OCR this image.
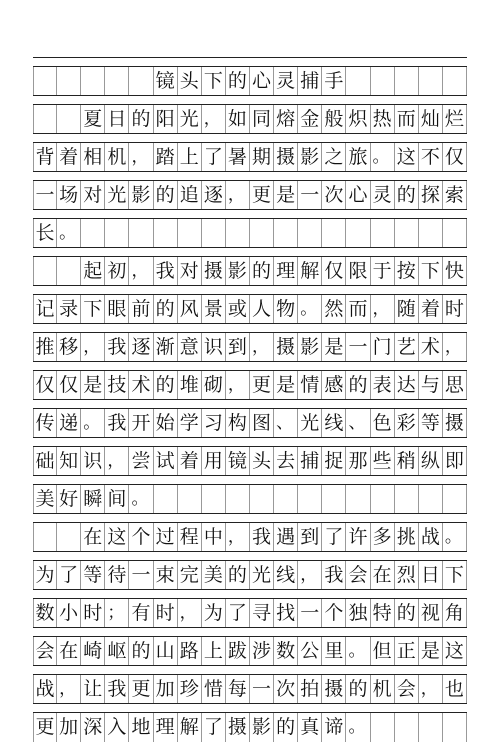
镜 头 下 的 心 灵 捕 手
夏 日 的 阳 光 ， 如 同 熔 金 般 炽 热 而 灿 烂
背 着 相 机 ， 踏 上 了 暑 期 摄 影 之 旅 。 这 不 仅
一 场 对 光 影 的 追 逐 ， 更 是 一 次 心 灵 的 探 索
长 。
起 初 ， 我 对 摄 影 的 理 解 仅 限 于 按 下 快
记 录 下 眼 前 的 风 景 或 人 物 。 然 而 ， 随 着 时
推 移 ， 我 逐 渐 意 识 到 ， 摄 影 是 一 门 艺 术 ，
仅 仅 是 技 术 的 堆 砌 ， 更 是 情 感 的 表 达 与 思
传 递 。 我 开 始 学 习 构 图 、 光 线 、 色 彩 等 摄
础 知 识 ， 尝 试 着 用 镜 头 去 捕 捉 那 些 稍 纵 即
美 好 瞬 间 。
在 这 个 过 程 中 ， 我 遇 到 了 许 多 挑 战 。
为 了 等 待 一 束 完 美 的 光 线 ， 我 会 在 烈 日 下
数 小 时 ； 有 时 ， 为 了 寻 找 一 个 独 特 的 视 角
会 在 崎 岖 的 山 路 上 跋 涉 数 公 里 。 但 正 是 这
战 ， 让 我 更 加 珍 惜 每 一 次 拍 摄 的 机 会 ， 也
更 加 深 入 地 理 解 了 摄 影 的 真 谛 。
